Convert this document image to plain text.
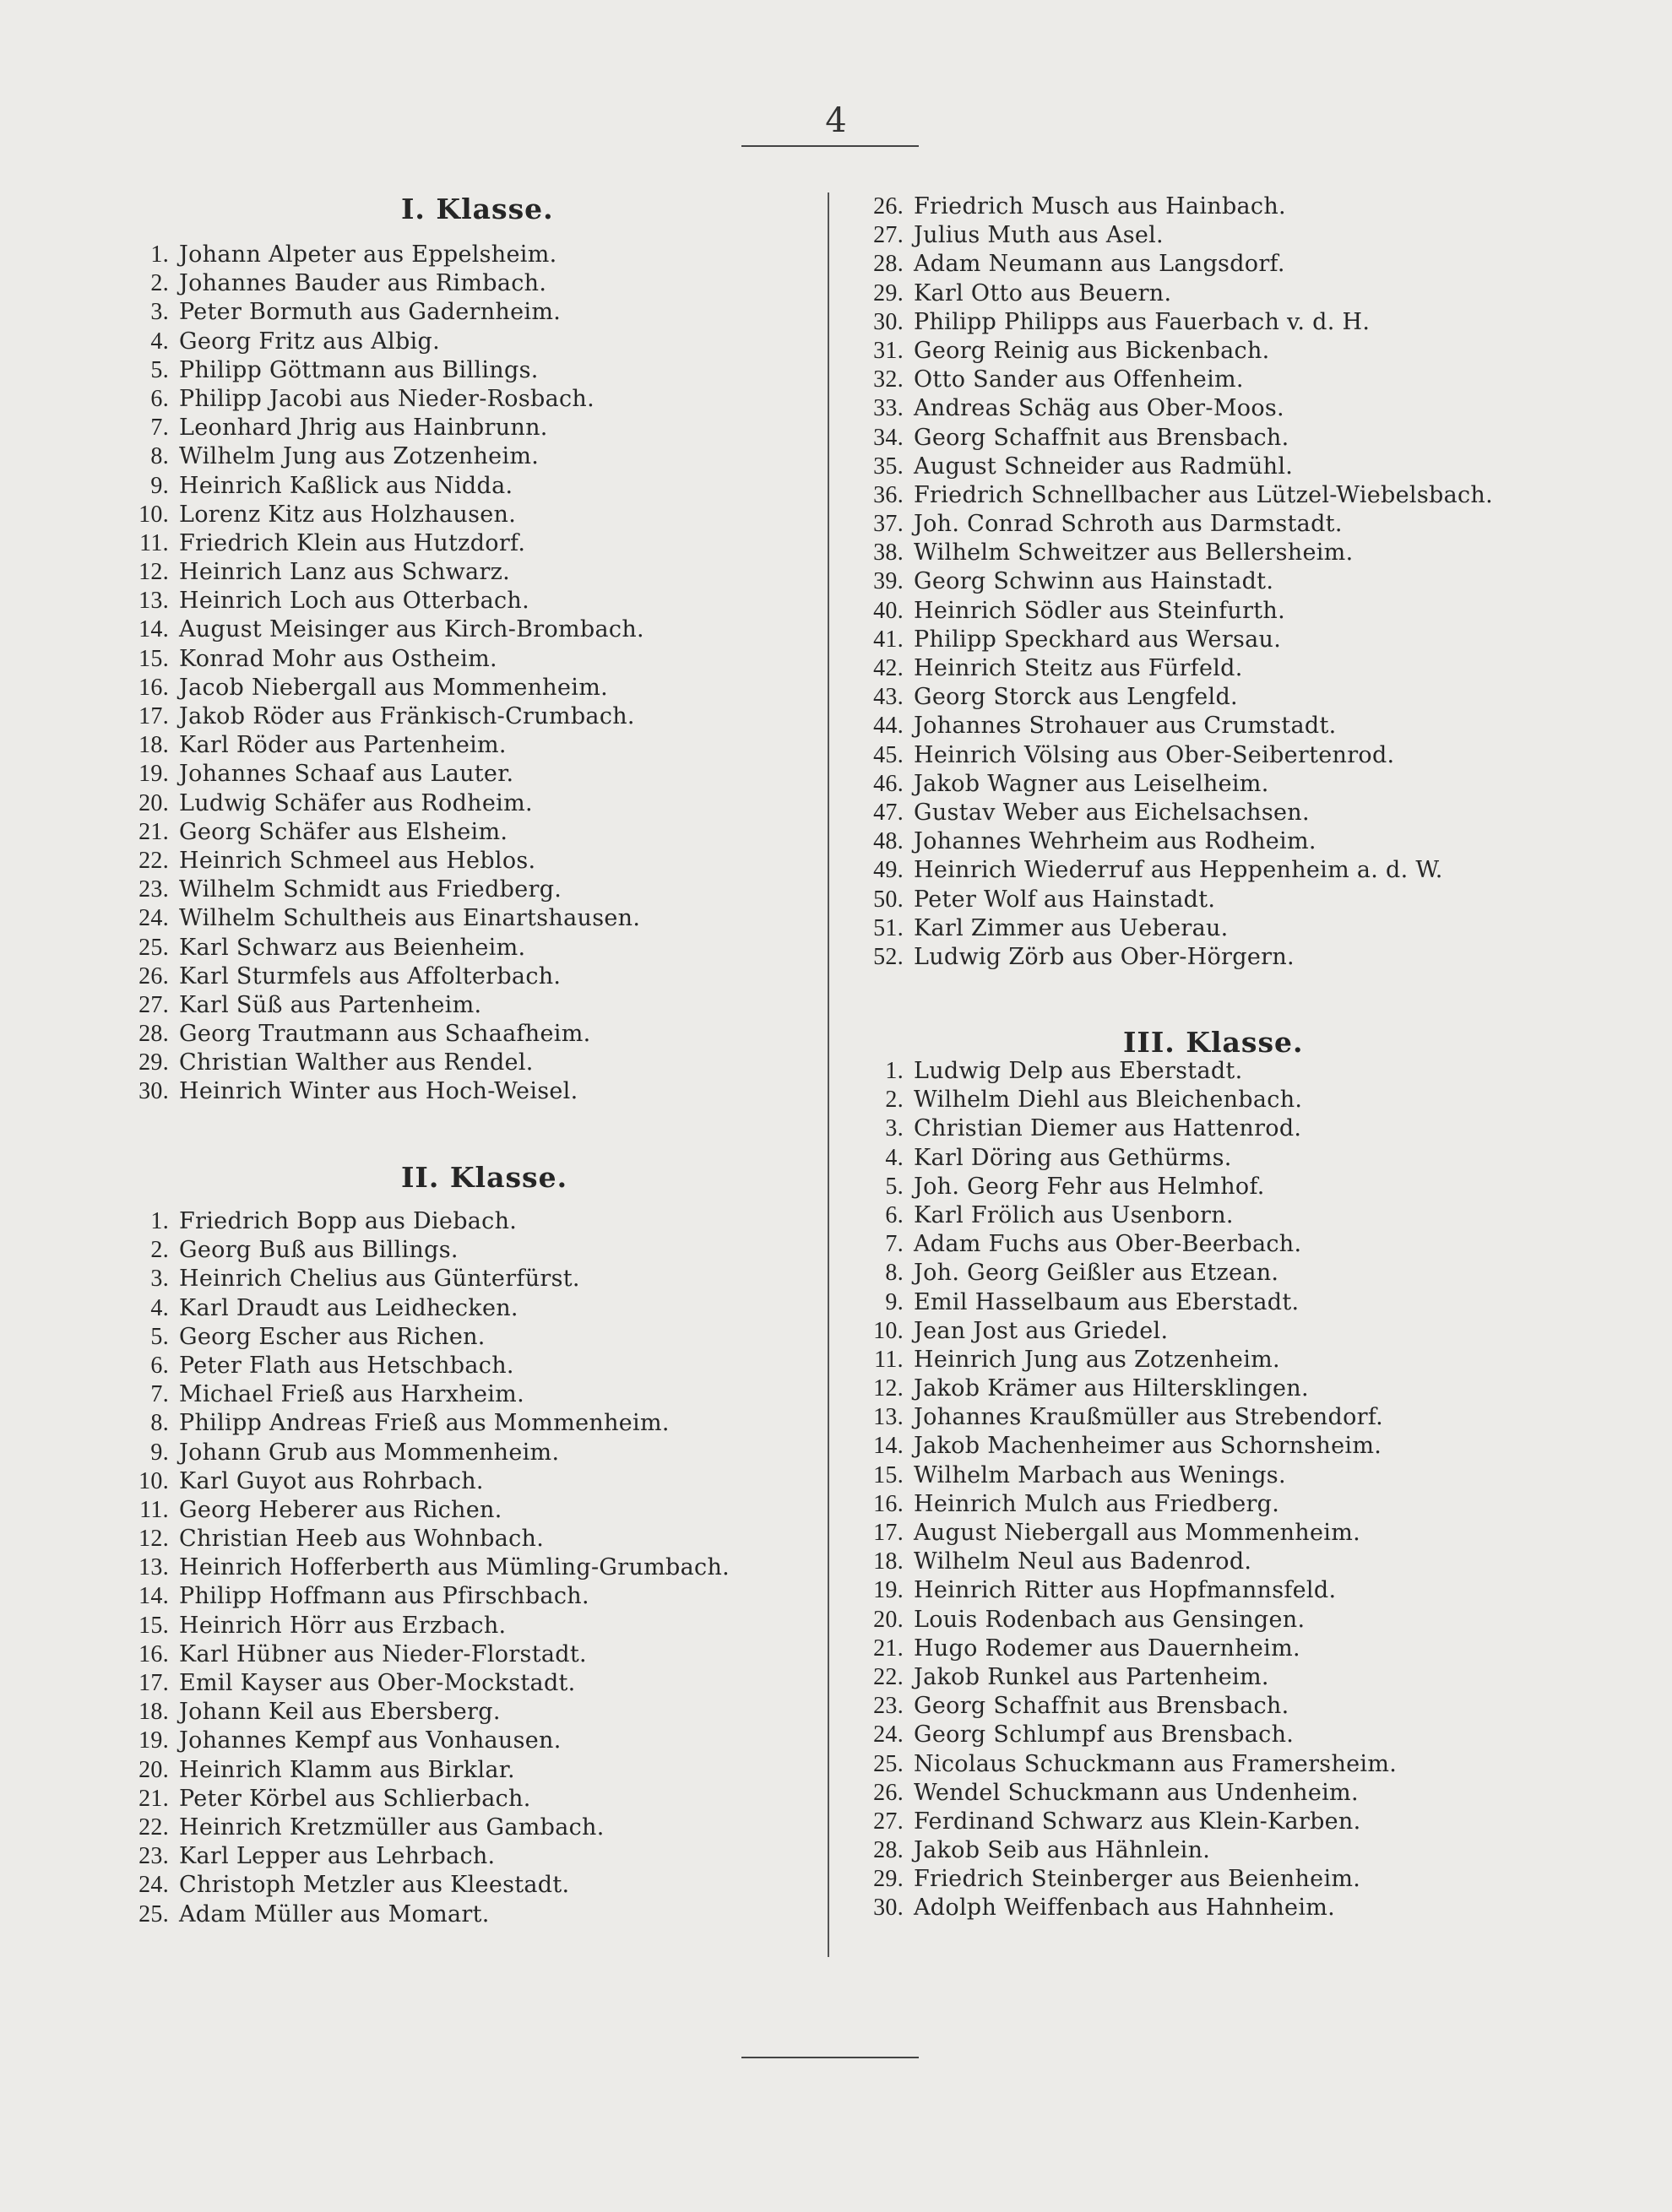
4
I. Klasse.
1. Johann Alpeter aus Eppelsheim.
2. Johannes Bauder aus Rimbach.
3. Peter Bormuth aus Gadernheim.
4. Georg Fritz aus Albig.
5. Philipp Göttmann aus Billings.
6. Philipp Jacobi aus Nieder-Rosbach.
7. Leonhard Jhrig aus Hainbrunn.
8. Wilhelm Jung aus Zotzenheim.
9. Heinrich Kaßlick aus Nidda.
10. Lorenz Kitz aus Holzhausen.
11. Friedrich Klein aus Hutzdorf.
12. Heinrich Lanz aus Schwarz.
13. Heinrich Loch aus Otterbach.
14. August Meisinger aus Kirch-Brombach.
15. Konrad Mohr aus Ostheim.
16. Jacob Niebergall aus Mommenheim.
17. Jakob Röder aus Fränkisch-Crumbach.
18. Karl Röder aus Partenheim.
19. Johannes Schaaf aus Lauter.
20. Ludwig Schäfer aus Rodheim.
21. Georg Schäfer aus Elsheim.
22. Heinrich Schmeel aus Heblos.
23. Wilhelm Schmidt aus Friedberg.
24. Wilhelm Schultheis aus Einartshausen.
25. Karl Schwarz aus Beienheim.
26. Karl Sturmfels aus Affolterbach.
27. Karl Süß aus Partenheim.
28. Georg Trautmann aus Schaafheim.
29. Christian Walther aus Rendel.
30. Heinrich Winter aus Hoch-Weisel.
II. Klasse.
1. Friedrich Bopp aus Diebach.
2. Georg Buß aus Billings.
3. Heinrich Chelius aus Günterfürst.
4. Karl Draudt aus Leidhecken.
5. Georg Escher aus Richen.
6. Peter Flath aus Hetschbach.
7. Michael Frieß aus Harxheim.
8. Philipp Andreas Frieß aus Mommenheim.
9. Johann Grub aus Mommenheim.
10. Karl Guyot aus Rohrbach.
11. Georg Heberer aus Richen.
12. Christian Heeb aus Wohnbach.
13. Heinrich Hofferberth aus Mümling-Grumbach.
14. Philipp Hoffmann aus Pfirschbach.
15. Heinrich Hörr aus Erzbach.
16. Karl Hübner aus Nieder-Florstadt.
17. Emil Kayser aus Ober-Mockstadt.
18. Johann Keil aus Ebersberg.
19. Johannes Kempf aus Vonhausen.
20. Heinrich Klamm aus Birklar.
21. Peter Körbel aus Schlierbach.
22. Heinrich Kretzmüller aus Gambach.
23. Karl Lepper aus Lehrbach.
24. Christoph Metzler aus Kleestadt.
25. Adam Müller aus Momart.
26. Friedrich Musch aus Hainbach.
27. Julius Muth aus Asel.
28. Adam Neumann aus Langsdorf.
29. Karl Otto aus Beuern.
30. Philipp Philipps aus Fauerbach v. d. H.
31. Georg Reinig aus Bickenbach.
32. Otto Sander aus Offenheim.
33. Andreas Schäg aus Ober-Moos.
34. Georg Schaffnit aus Brensbach.
35. August Schneider aus Radmühl.
36. Friedrich Schnellbacher aus Lützel-Wiebelsbach.
37. Joh. Conrad Schroth aus Darmstadt.
38. Wilhelm Schweitzer aus Bellersheim.
39. Georg Schwinn aus Hainstadt.
40. Heinrich Södler aus Steinfurth.
41. Philipp Speckhard aus Wersau.
42. Heinrich Steitz aus Fürfeld.
43. Georg Storck aus Lengfeld.
44. Johannes Strohauer aus Crumstadt.
45. Heinrich Völsing aus Ober-Seibertenrod.
46. Jakob Wagner aus Leiselheim.
47. Gustav Weber aus Eichelsachsen.
48. Johannes Wehrheim aus Rodheim.
49. Heinrich Wiederruf aus Heppenheim a. d. W.
50. Peter Wolf aus Hainstadt.
51. Karl Zimmer aus Ueberau.
52. Ludwig Zörb aus Ober-Hörgern.
III. Klasse.
1. Ludwig Delp aus Eberstadt.
2. Wilhelm Diehl aus Bleichenbach.
3. Christian Diemer aus Hattenrod.
4. Karl Döring aus Gethürms.
5. Joh. Georg Fehr aus Helmhof.
6. Karl Frölich aus Usenborn.
7. Adam Fuchs aus Ober-Beerbach.
8. Joh. Georg Geißler aus Etzean.
9. Emil Hasselbaum aus Eberstadt.
10. Jean Jost aus Griedel.
11. Heinrich Jung aus Zotzenheim.
12. Jakob Krämer aus Hiltersklingen.
13. Johannes Kraußmüller aus Strebendorf.
14. Jakob Machenheimer aus Schornsheim.
15. Wilhelm Marbach aus Wenings.
16. Heinrich Mulch aus Friedberg.
17. August Niebergall aus Mommenheim.
18. Wilhelm Neul aus Badenrod.
19. Heinrich Ritter aus Hopfmannsfeld.
20. Louis Rodenbach aus Gensingen.
21. Hugo Rodemer aus Dauernheim.
22. Jakob Runkel aus Partenheim.
23. Georg Schaffnit aus Brensbach.
24. Georg Schlumpf aus Brensbach.
25. Nicolaus Schuckmann aus Framersheim.
26. Wendel Schuckmann aus Undenheim.
27. Ferdinand Schwarz aus Klein-Karben.
28. Jakob Seib aus Hähnlein.
29. Friedrich Steinberger aus Beienheim.
30. Adolph Weiffenbach aus Hahnheim.
